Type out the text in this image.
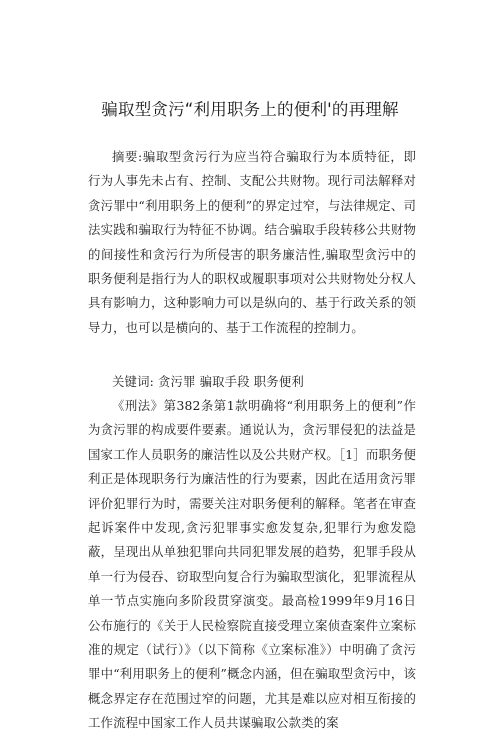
骗取型贪污“利用职务上的便利'的再理解

摘要:骗取型贪污行为应当符合骗取行为本质特征，即行为人事先未占有、控制、支配公共财物。现行司法解释对贪污罪中“利用职务上的便利”的界定过窄，与法律规定、司法实践和骗取行为特征不协调。结合骗取手段转移公共财物的间接性和贪污行为所侵害的职务廉洁性,骗取型贪污中的职务便利是指行为人的职权或履职事项对公共财物处分权人具有影响力，这种影响力可以是纵向的、基于行政关系的领导力，也可以是横向的、基于工作流程的控制力。

关键词: 贪污罪 骗取手段 职务便利

《刑法》第382条第1款明确将“利用职务上的便利”作为贪污罪的构成要件要素。通说认为，贪污罪侵犯的法益是国家工作人员职务的廉洁性以及公共财产权。［1］而职务便利正是体现职务行为廉洁性的行为要素，因此在适用贪污罪评价犯罪行为时，需要关注对职务便利的解释。笔者在审查起诉案件中发现,贪污犯罪事实愈发复杂,犯罪行为愈发隐蔽，呈现出从单独犯罪向共同犯罪发展的趋势，犯罪手段从单一行为侵吞、窃取型向复合行为骗取型演化，犯罪流程从单一节点实施向多阶段贯穿演变。最高检1999年9月16日公布施行的《关于人民检察院直接受理立案侦查案件立案标准的规定（试行）》（以下简称《立案标准》）中明确了贪污罪中“利用职务上的便利”概念内涵，但在骗取型贪污中，该概念界定存在范围过窄的问题，尤其是难以应对相互衔接的工作流程中国家工作人员共谋骗取公款类的案
